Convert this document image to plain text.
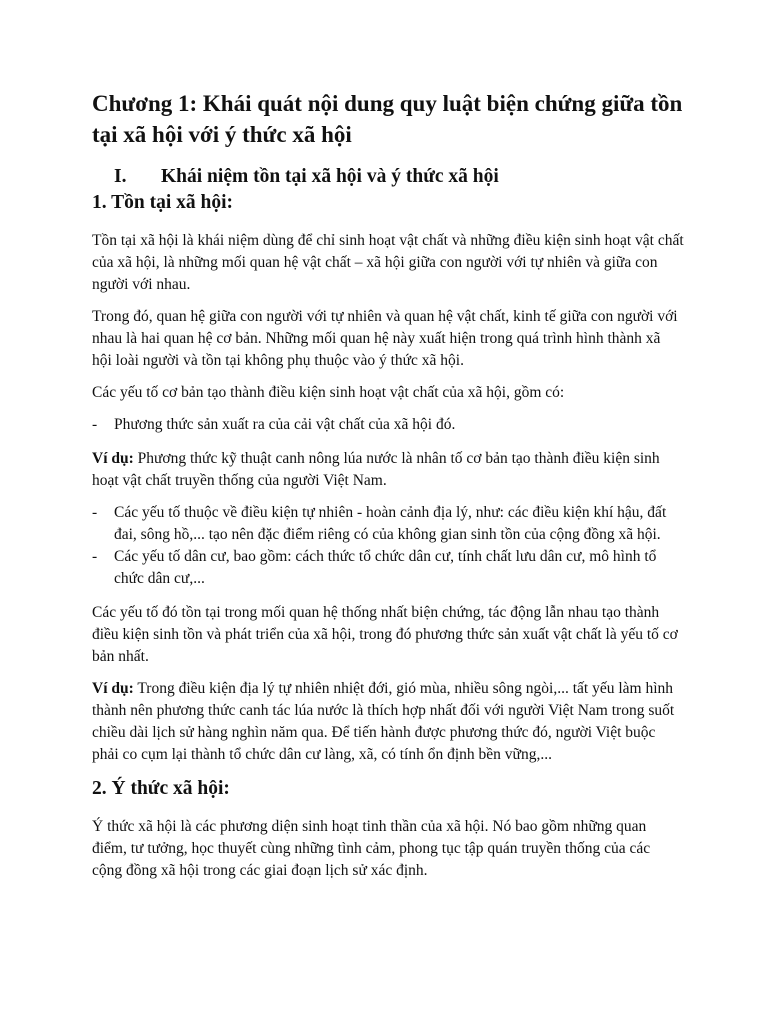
Chương 1: Khái quát nội dung quy luật biện chứng giữa tồn tại xã hội với ý thức xã hội
I.	Khái niệm tồn tại xã hội và ý thức xã hội
1. Tồn tại xã hội:

Tồn tại xã hội là khái niệm dùng để chỉ sinh hoạt vật chất và những điều kiện sinh hoạt vật chất của xã hội, là những mối quan hệ vật chất – xã hội giữa con người với tự nhiên và giữa con người với nhau.

Trong đó, quan hệ giữa con người với tự nhiên và quan hệ vật chất, kinh tế giữa con người với nhau là hai quan hệ cơ bản. Những mối quan hệ này xuất hiện trong quá trình hình thành xã hội loài người và tồn tại không phụ thuộc vào ý thức xã hội.

Các yếu tố cơ bản tạo thành điều kiện sinh hoạt vật chất của xã hội, gồm có:

- Phương thức sản xuất ra của cải vật chất của xã hội đó.

Ví dụ: Phương thức kỹ thuật canh nông lúa nước là nhân tố cơ bản tạo thành điều kiện sinh hoạt vật chất truyền thống của người Việt Nam.

- Các yếu tố thuộc về điều kiện tự nhiên - hoàn cảnh địa lý, như: các điều kiện khí hậu, đất đai, sông hồ,... tạo nên đặc điểm riêng có của không gian sinh tồn của cộng đồng xã hội.
- Các yếu tố dân cư, bao gồm: cách thức tổ chức dân cư, tính chất lưu dân cư, mô hình tổ chức dân cư,...

Các yếu tố đó tồn tại trong mối quan hệ thống nhất biện chứng, tác động lẫn nhau tạo thành điều kiện sinh tồn và phát triển của xã hội, trong đó phương thức sản xuất vật chất là yếu tố cơ bản nhất.

Ví dụ: Trong điều kiện địa lý tự nhiên nhiệt đới, gió mùa, nhiều sông ngòi,... tất yếu làm hình thành nên phương thức canh tác lúa nước là thích hợp nhất đối với người Việt Nam trong suốt chiều dài lịch sử hàng nghìn năm qua. Để tiến hành được phương thức đó, người Việt buộc phải co cụm lại thành tổ chức dân cư làng, xã, có tính ổn định bền vững,...

2. Ý thức xã hội:

Ý thức xã hội là các phương diện sinh hoạt tinh thần của xã hội. Nó bao gồm những quan điểm, tư tưởng, học thuyết cùng những tình cảm, phong tục tập quán truyền thống của các cộng đồng xã hội trong các giai đoạn lịch sử xác định.
